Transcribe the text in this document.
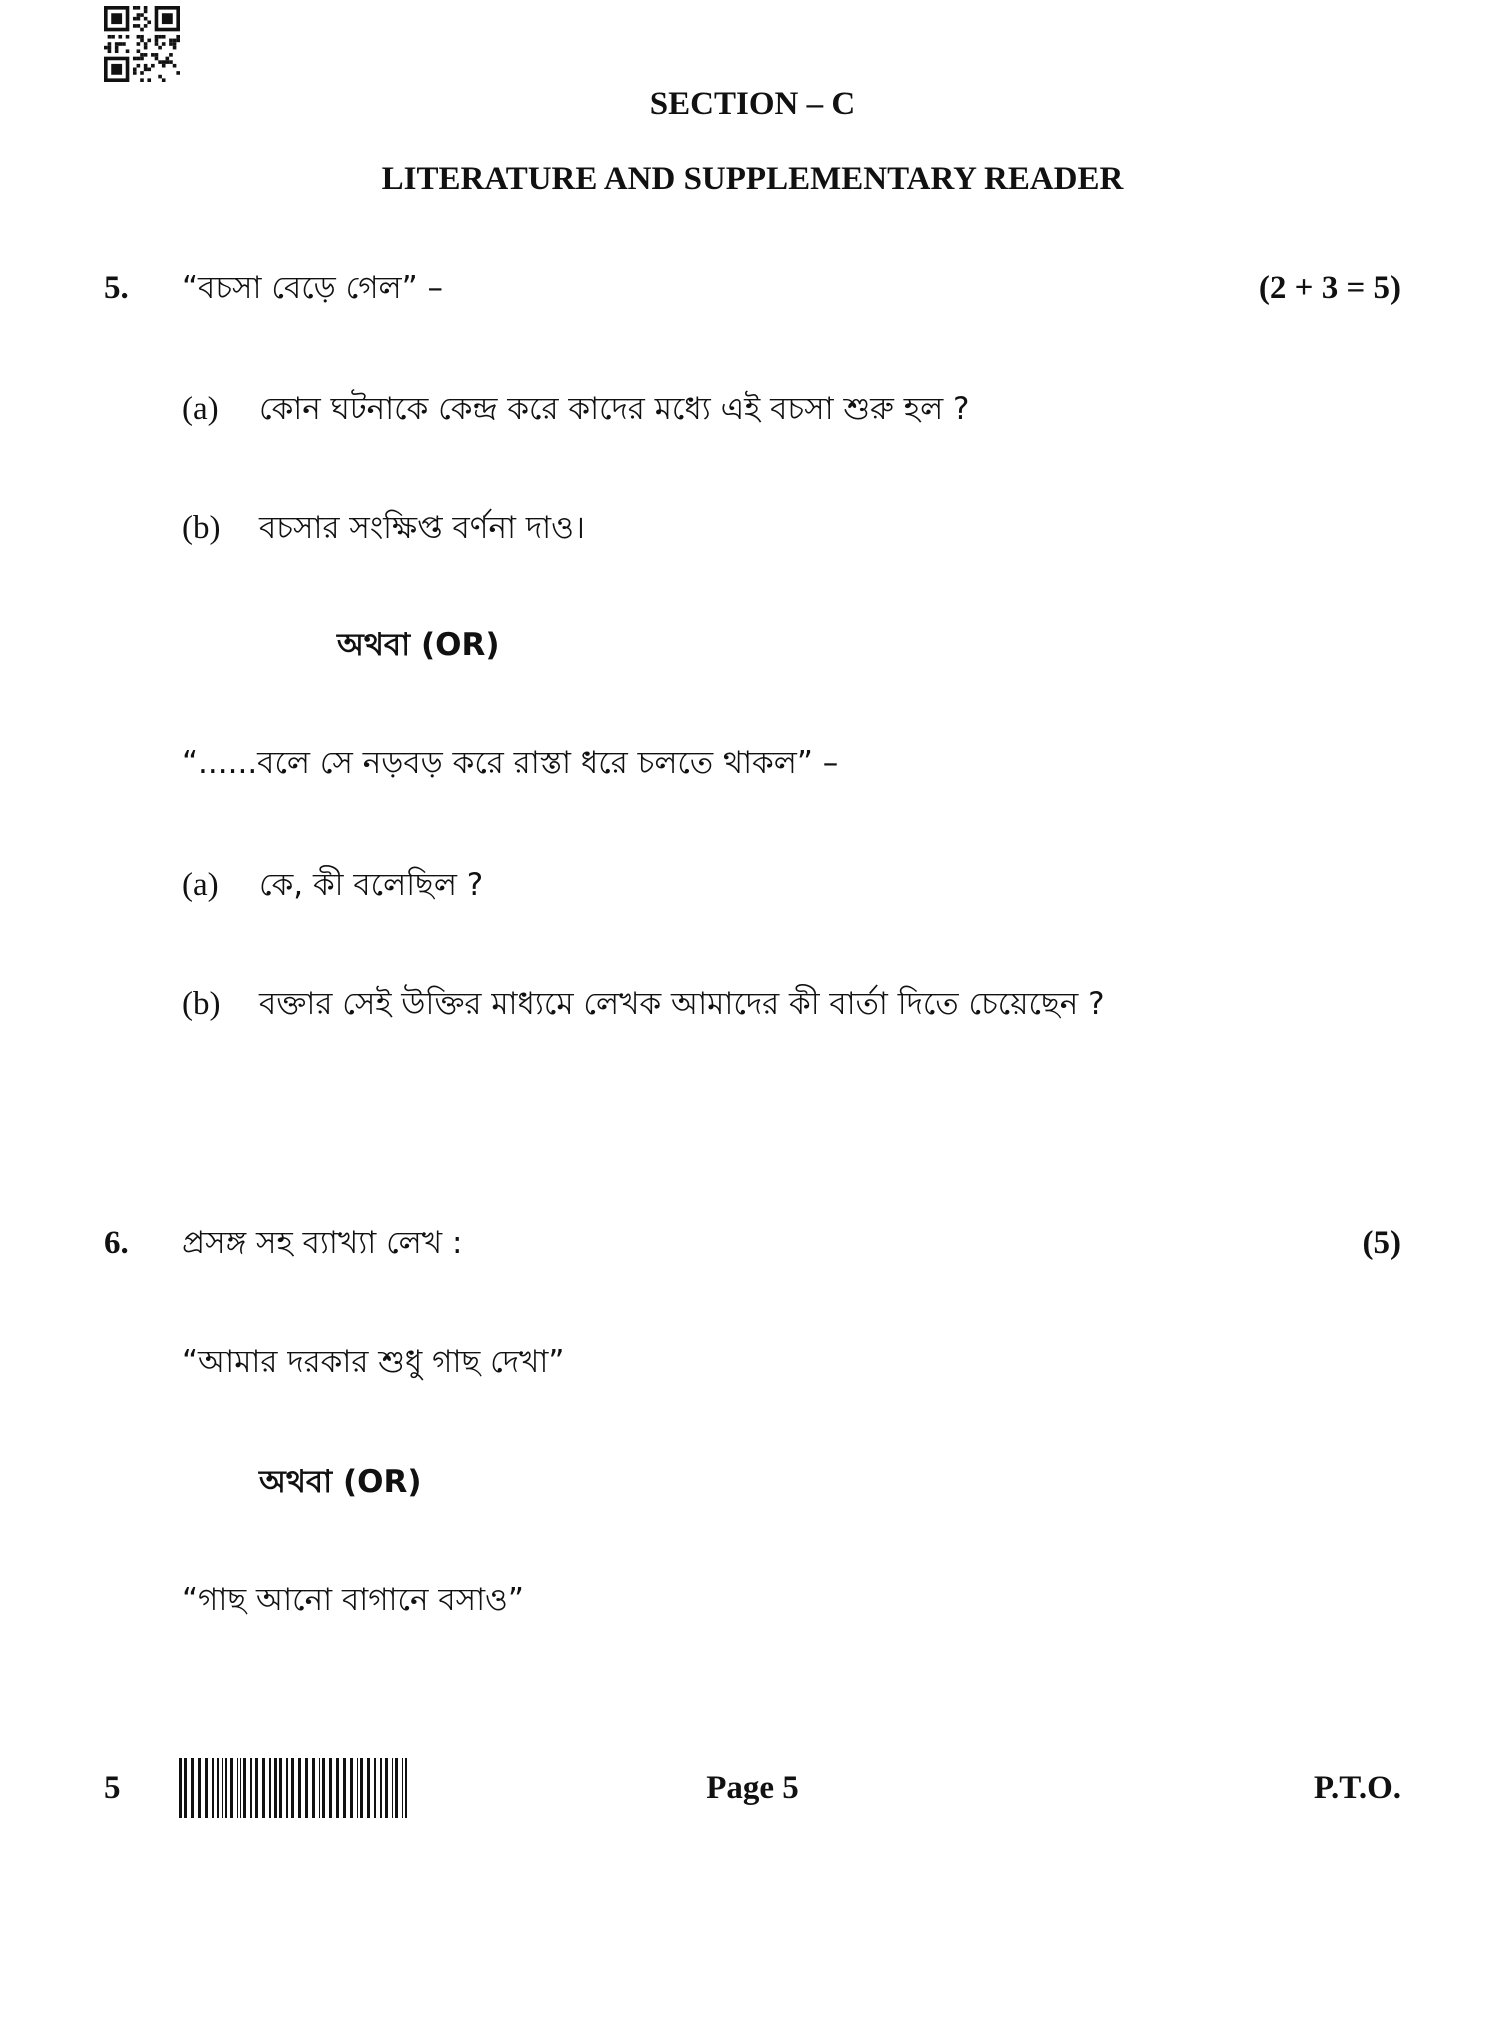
SECTION – C
LITERATURE AND SUPPLEMENTARY READER
5. “বচসা বেড়ে গেল” –	(2 + 3 = 5)
(a) কোন ঘটনাকে কেন্দ্র করে কাদের মধ্যে এই বচসা শুরু হল ?
(b) বচসার সংক্ষিপ্ত বর্ণনা দাও।
অথবা (OR)
“......বলে সে নড়বড় করে রাস্তা ধরে চলতে থাকল” –
(a) কে, কী বলেছিল ?
(b) বক্তার সেই উক্তির মাধ্যমে লেখক আমাদের কী বার্তা দিতে চেয়েছেন ?
6. প্রসঙ্গ সহ ব্যাখ্যা লেখ :	(5)
“আমার দরকার শুধু গাছ দেখা”
অথবা (OR)
“গাছ আনো বাগানে বসাও”
5	Page 5	P.T.O.
